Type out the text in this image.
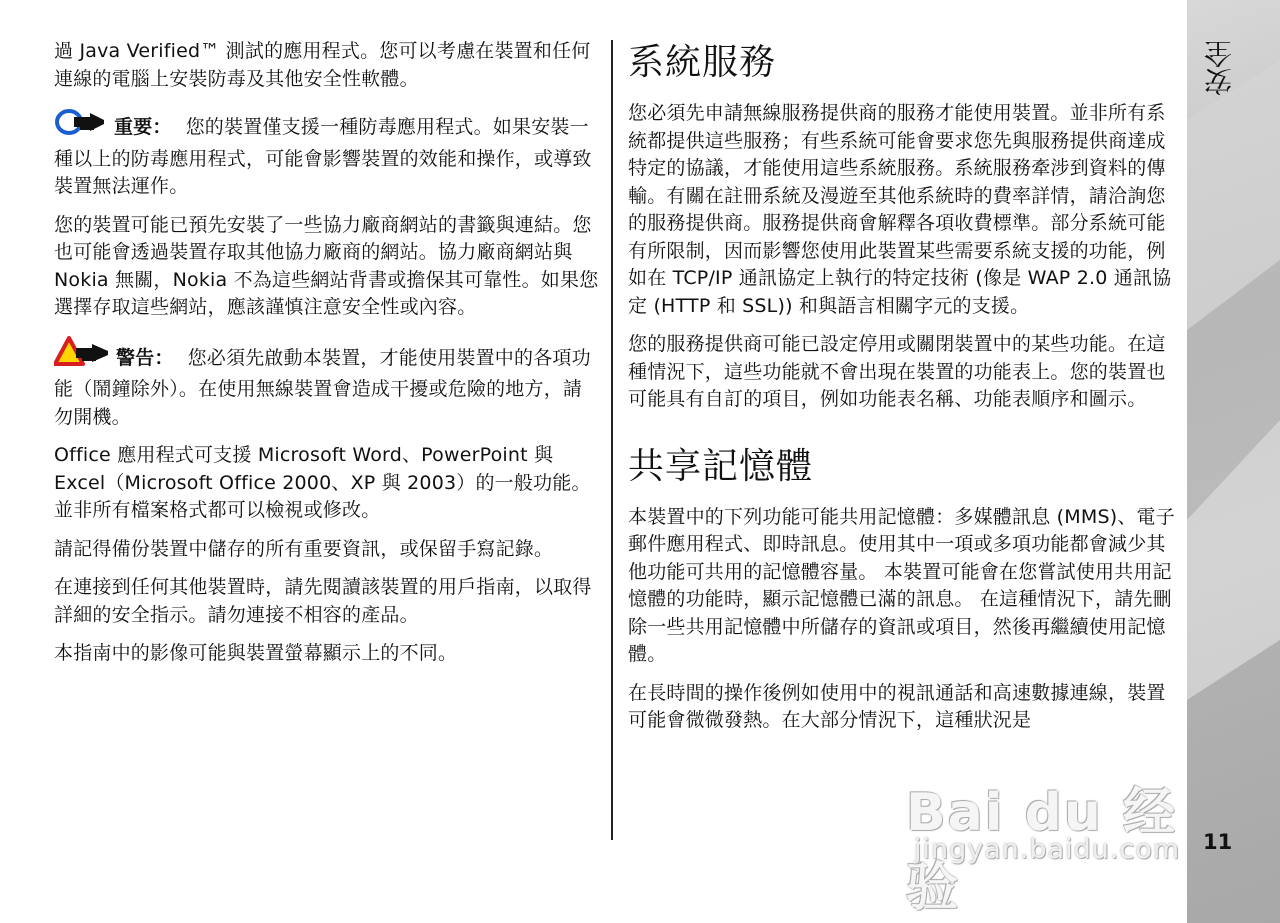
過 Java Verified™ 測試的應用程式。您可以考慮在裝置和任何連線的電腦上安裝防毒及其他安全性軟體。

重要： 您的裝置僅支援一種防毒應用程式。如果安裝一種以上的防毒應用程式，可能會影響裝置的效能和操作，或導致裝置無法運作。

您的裝置可能已預先安裝了一些協力廠商網站的書籤與連結。您也可能會透過裝置存取其他協力廠商的網站。協力廠商網站與 Nokia 無關，Nokia 不為這些網站背書或擔保其可靠性。如果您選擇存取這些網站，應該謹慎注意安全性或內容。

警告： 您必須先啟動本裝置，才能使用裝置中的各項功能（鬧鐘除外）。在使用無線裝置會造成干擾或危險的地方，請勿開機。

Office 應用程式可支援 Microsoft Word、PowerPoint 與 Excel（Microsoft Office 2000、XP 與 2003）的一般功能。並非所有檔案格式都可以檢視或修改。

請記得備份裝置中儲存的所有重要資訊，或保留手寫記錄。

在連接到任何其他裝置時，請先閱讀該裝置的用戶指南，以取得詳細的安全指示。請勿連接不相容的產品。

本指南中的影像可能與裝置螢幕顯示上的不同。

系統服務

您必須先申請無線服務提供商的服務才能使用裝置。並非所有系統都提供這些服務；有些系統可能會要求您先與服務提供商達成特定的協議，才能使用這些系統服務。系統服務牽涉到資料的傳輸。有關在註冊系統及漫遊至其他系統時的費率詳情，請洽詢您的服務提供商。服務提供商會解釋各項收費標準。部分系統可能有所限制，因而影響您使用此裝置某些需要系統支援的功能，例如在 TCP/IP 通訊協定上執行的特定技術 (像是 WAP 2.0 通訊協定 (HTTP 和 SSL)) 和與語言相關字元的支援。

您的服務提供商可能已設定停用或關閉裝置中的某些功能。在這種情況下，這些功能就不會出現在裝置的功能表上。您的裝置也可能具有自訂的項目，例如功能表名稱、功能表順序和圖示。

共享記憶體

本裝置中的下列功能可能共用記憶體：多媒體訊息 (MMS)、電子郵件應用程式、即時訊息。使用其中一項或多項功能都會減少其他功能可共用的記憶體容量。 本裝置可能會在您嘗試使用共用記憶體的功能時，顯示記憶體已滿的訊息。 在這種情況下，請先刪除一些共用記憶體中所儲存的資訊或項目，然後再繼續使用記憶體。

在長時間的操作後例如使用中的視訊通話和高速數據連線，裝置可能會微微發熱。在大部分情況下，這種狀況是

安全
11
Bai du 经验
jingyan.baidu.com
